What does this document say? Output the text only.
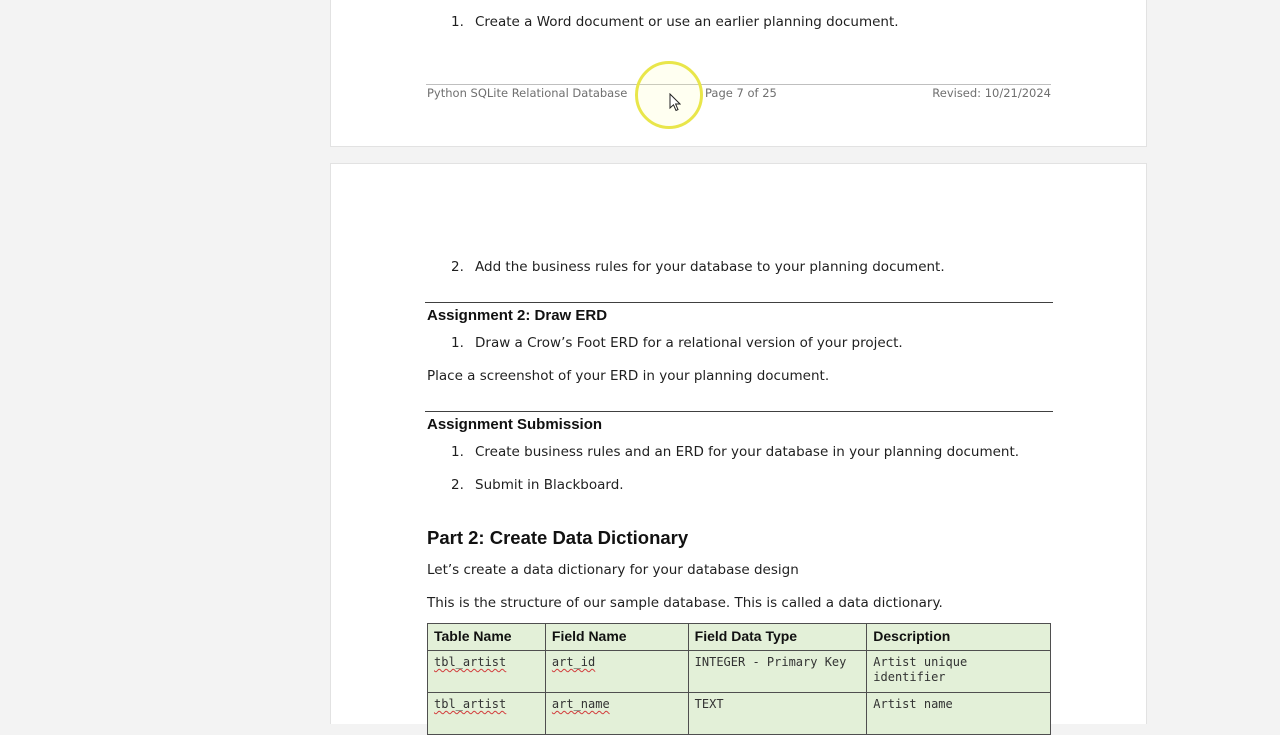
1. Create a Word document or use an earlier planning document.
Python SQLite Relational Database	Page 7 of 25	Revised: 10/21/2024
2. Add the business rules for your database to your planning document.
Assignment 2: Draw ERD
1. Draw a Crow’s Foot ERD for a relational version of your project.
Place a screenshot of your ERD in your planning document.
Assignment Submission
1. Create business rules and an ERD for your database in your planning document.
2. Submit in Blackboard.
Part 2: Create Data Dictionary
Let’s create a data dictionary for your database design
This is the structure of our sample database. This is called a data dictionary.
Table Name	Field Name	Field Data Type	Description
tbl_artist	art_id	INTEGER - Primary Key	Artist unique identifier
tbl_artist	art_name	TEXT	Artist name
